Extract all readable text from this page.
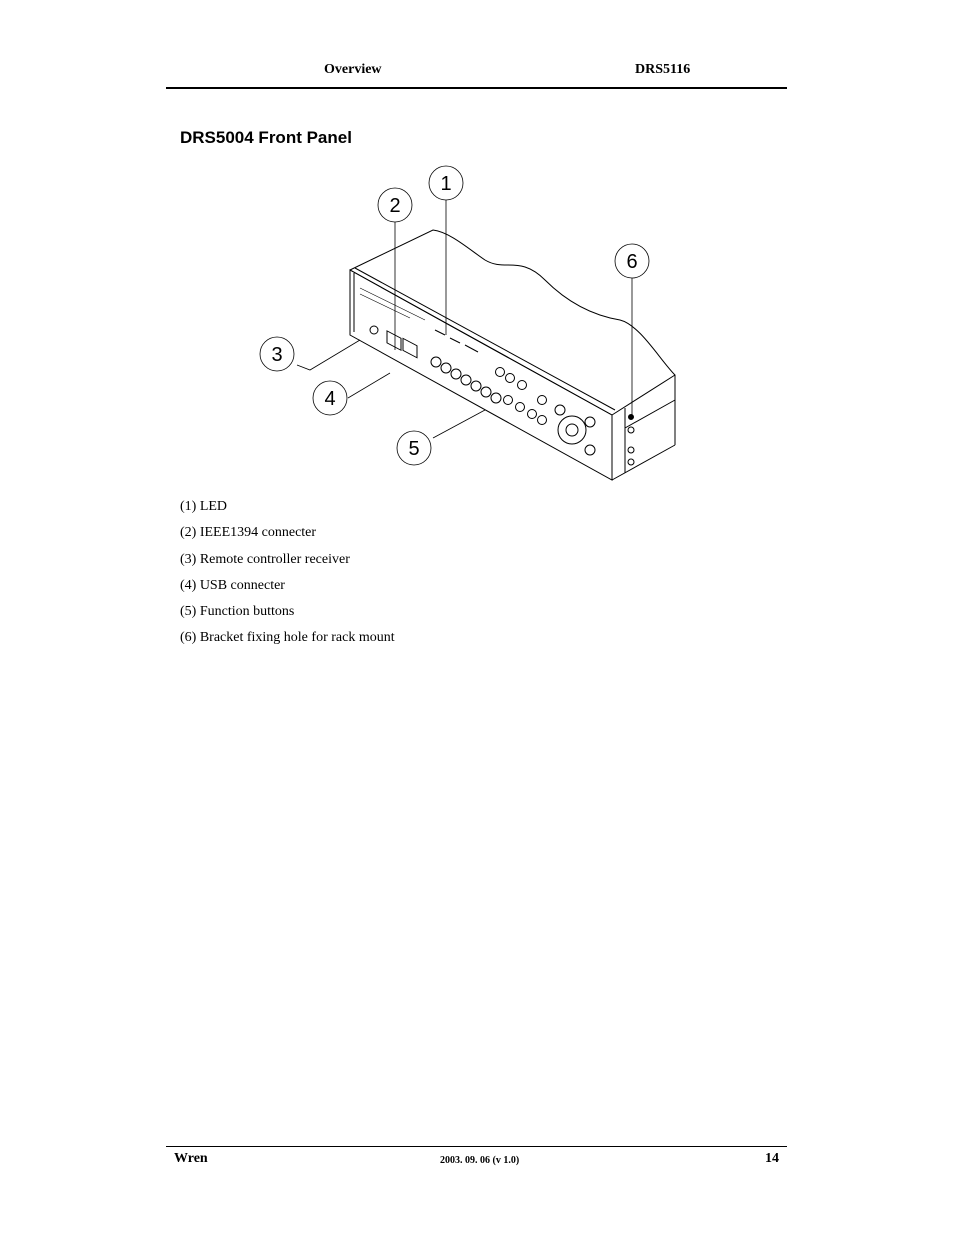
Overview	DRS5116
DRS5004 Front Panel
1
2
3
4
5
6
(1) LED
(2) IEEE1394 connecter
(3) Remote controller receiver
(4) USB connecter
(5) Function buttons
(6) Bracket fixing hole for rack mount
Wren	2003. 09. 06 (v 1.0)	14
